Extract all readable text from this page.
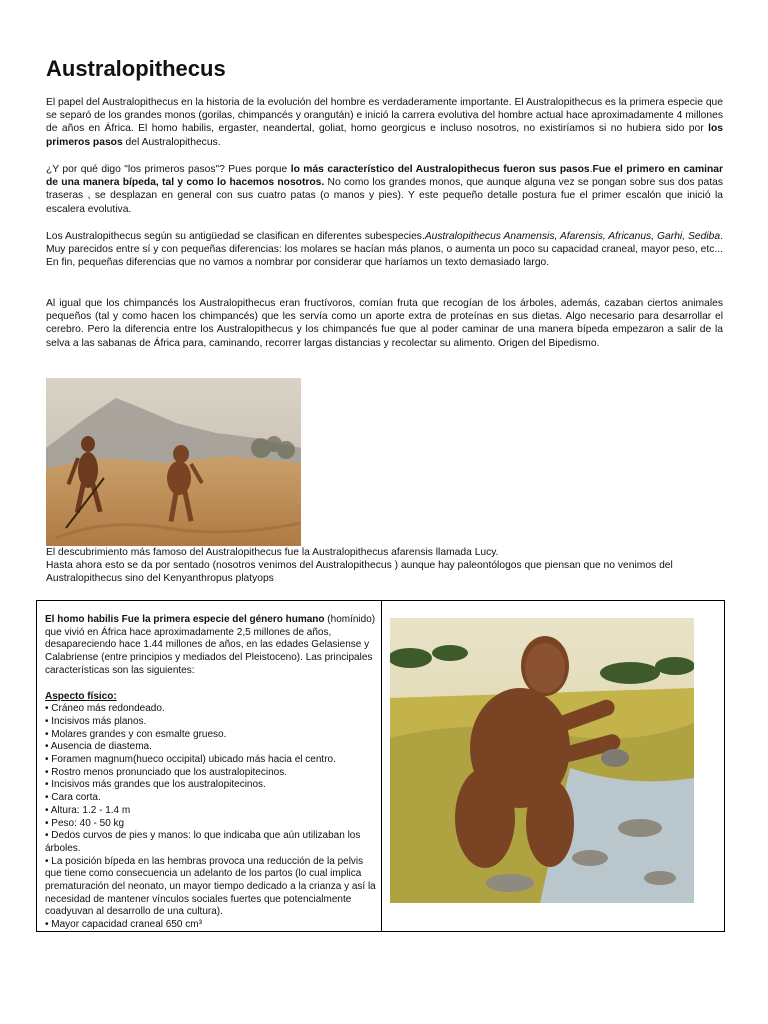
Australopithecus

El papel del Australopithecus en la historia de la evolución del hombre es verdaderamente importante. El Australopithecus es la primera especie que se separó de los grandes monos (gorilas, chimpancés y orangután) e inició la carrera evolutiva del hombre actual hace aproximadamente 4 millones de años en África. El homo habilis, ergaster, neandertal, goliat, homo georgicus e incluso nosotros, no existiríamos si no hubiera sido por los primeros pasos del Australopithecus.

¿Y por qué digo "los primeros pasos"? Pues porque lo más característico del Australopithecus fueron sus pasos.Fue el primero en caminar de una manera bípeda, tal y como lo hacemos nosotros. No como los grandes monos, que aunque alguna vez se pongan sobre sus dos patas traseras , se desplazan en general con sus cuatro patas (o manos y pies). Y este pequeño detalle postura fue el primer escalón que inició la escalera evolutiva.

Los Australopithecus según su antigüedad se clasifican en diferentes subespecies.Australopithecus Anamensis, Afarensis, Africanus, Garhi, Sediba. Muy parecidos entre sí y con pequeñas diferencias: los molares se hacían más planos, o aumenta un poco su capacidad craneal, mayor peso, etc... En fin, pequeñas diferencias que no vamos a nombrar por considerar que haríamos un texto demasiado largo.

Al igual que los chimpancés los Australopithecus eran fructívoros, comían fruta que recogían de los árboles, además, cazaban ciertos animales pequeños (tal y como hacen los chimpancés) que les servía como un aporte extra de proteínas en sus dietas. Algo necesario para desarrollar el cerebro. Pero la diferencia entre los Australopithecus y los chimpancés fue que al poder caminar de una manera bípeda empezaron a salir de la selva a las sabanas de África para, caminando, recorrer largas distancias y recolectar su alimento. Origen del Bipedismo.

El descubrimiento más famoso del Australopithecus fue la Australopithecus afarensis llamada Lucy.
Hasta ahora esto se da por sentado (nosotros venimos del Australopithecus ) aunque hay paleontólogos que piensan que no venimos del Australopithecus sino del Kenyanthropus platyops

El homo habilis Fue la primera especie del género humano (homínido) que vivió en África hace aproximadamente 2,5 millones de años, desapareciendo hace 1.44 millones de años, en las edades Gelasiense y Calabriense (entre principios y mediados del Pleistoceno). Las principales características son las siguientes:

Aspecto físico:

• Cráneo más redondeado.
• Incisivos más planos.
• Molares grandes y con esmalte grueso.
• Ausencia de diastema.
• Foramen magnum(hueco occipital) ubicado más hacia el centro.
• Rostro menos pronunciado que los australopitecinos.
• Incisivos más grandes que los australopitecinos.
• Cara corta.
• Altura: 1.2 - 1.4 m
• Peso: 40 - 50 kg
• Dedos curvos de pies y manos: lo que indicaba que aún utilizaban los árboles.
• La posición bípeda en las hembras provoca una reducción de la pelvis que tiene como consecuencia un adelanto de los partos (lo cual implica prematuración del neonato, un mayor tiempo dedicado a la crianza y así la necesidad de mantener vínculos sociales fuertes que potencialmente coadyuvan al desarrollo de una cultura).
• Mayor capacidad craneal 650 cm³
